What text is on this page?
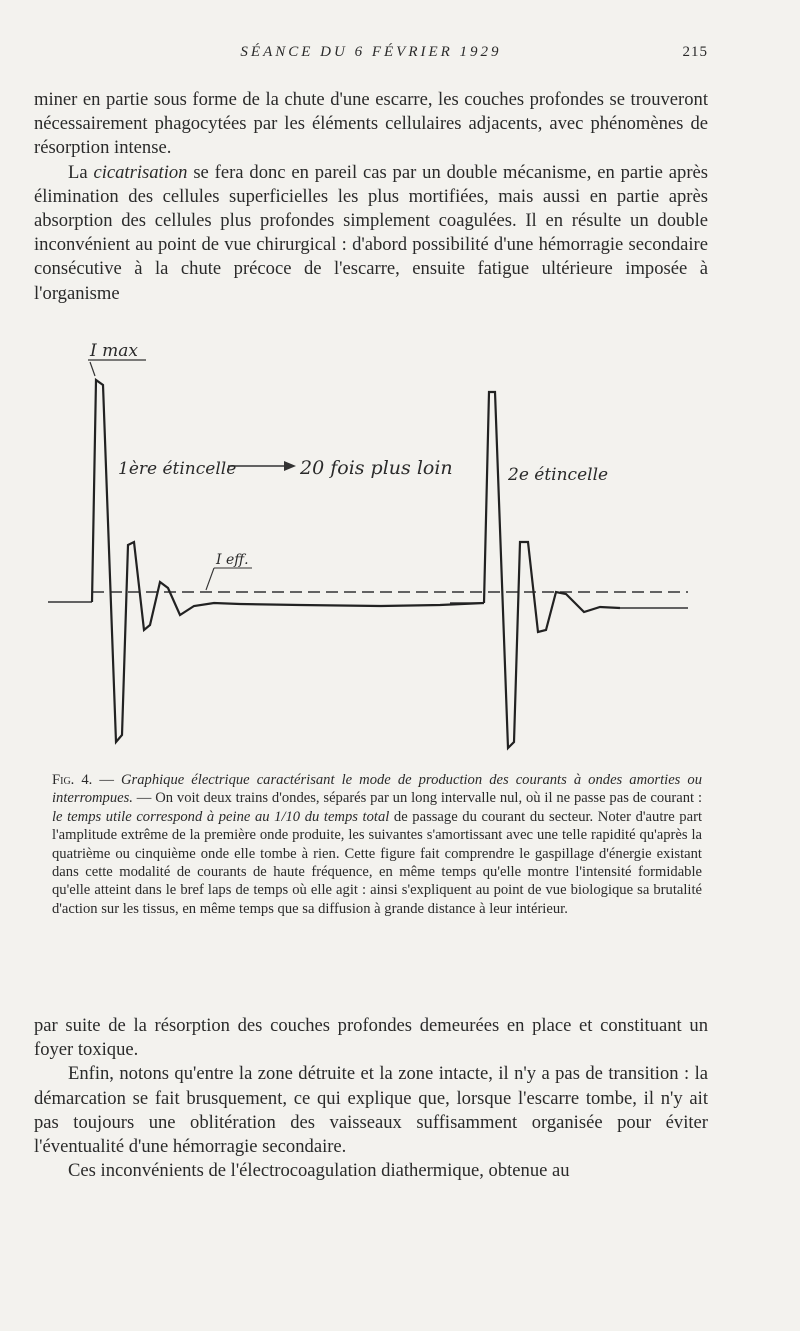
SÉANCE DU 6 FÉVRIER 1929	215

miner en partie sous forme de la chute d'une escarre, les couches profondes se trouveront nécessairement phagocytées par les éléments cellulaires adjacents, avec phénomènes de résorption intense.

La cicatrisation se fera donc en pareil cas par un double mécanisme, en partie après élimination des cellules superficielles les plus mortifiées, mais aussi en partie après absorption des cellules plus profondes simplement coagulées. Il en résulte un double inconvénient au point de vue chirurgical : d'abord possibilité d'une hémorragie secondaire consécutive à la chute précoce de l'escarre, ensuite fatigue ultérieure imposée à l'organisme

I max
1ère étincelle	20 fois plus loin	2e étincelle
I eff.

Fig. 4. — Graphique électrique caractérisant le mode de production des courants à ondes amorties ou interrompues. — On voit deux trains d'ondes, séparés par un long intervalle nul, où il ne passe pas de courant : le temps utile correspond à peine au 1/10 du temps total de passage du courant du secteur. Noter d'autre part l'amplitude extrême de la première onde produite, les suivantes s'amortissant avec une telle rapidité qu'après la quatrième ou cinquième onde elle tombe à rien. Cette figure fait comprendre le gaspillage d'énergie existant dans cette modalité de courants de haute fréquence, en même temps qu'elle montre l'intensité formidable qu'elle atteint dans le bref laps de temps où elle agit : ainsi s'expliquent au point de vue biologique sa brutalité d'action sur les tissus, en même temps que sa diffusion à grande distance à leur intérieur.

par suite de la résorption des couches profondes demeurées en place et constituant un foyer toxique.

Enfin, notons qu'entre la zone détruite et la zone intacte, il n'y a pas de transition : la démarcation se fait brusquement, ce qui explique que, lorsque l'escarre tombe, il n'y ait pas toujours une oblitération des vaisseaux suffisamment organisée pour éviter l'éventualité d'une hémorragie secondaire.

Ces inconvénients de l'électrocoagulation diathermique, obtenue au
